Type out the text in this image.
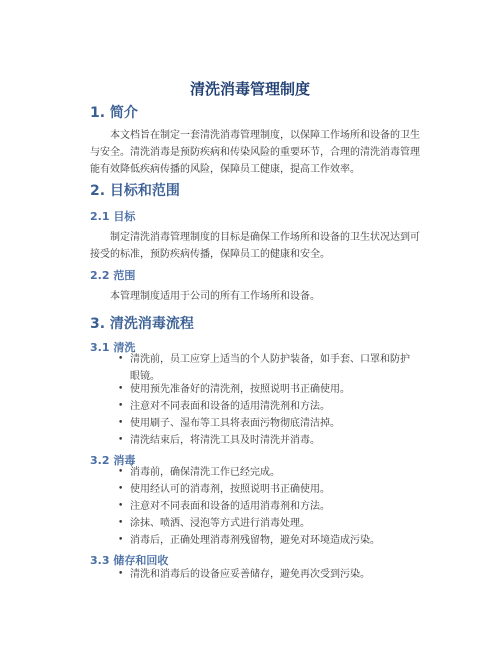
清洗消毒管理制度
1. 简介

本文档旨在制定一套清洗消毒管理制度，以保障工作场所和设备的卫生与安全。清洗消毒是预防疾病和传染风险的重要环节，合理的清洗消毒管理能有效降低疾病传播的风险，保障员工健康，提高工作效率。

2. 目标和范围
2.1 目标

制定清洗消毒管理制度的目标是确保工作场所和设备的卫生状况达到可接受的标准，预防疾病传播，保障员工的健康和安全。

2.2 范围

本管理制度适用于公司的所有工作场所和设备。

3. 清洗消毒流程
3.1 清洗
• 清洗前，员工应穿上适当的个人防护装备，如手套、口罩和防护眼镜。
• 使用预先准备好的清洗剂，按照说明书正确使用。
• 注意对不同表面和设备的适用清洗剂和方法。
• 使用刷子、湿布等工具将表面污物彻底清洁掉。
• 清洗结束后，将清洗工具及时清洗并消毒。
3.2 消毒
• 消毒前，确保清洗工作已经完成。
• 使用经认可的消毒剂，按照说明书正确使用。
• 注意对不同表面和设备的适用消毒剂和方法。
• 涂抹、喷洒、浸泡等方式进行消毒处理。
• 消毒后，正确处理消毒剂残留物，避免对环境造成污染。
3.3 储存和回收
• 清洗和消毒后的设备应妥善储存，避免再次受到污染。
